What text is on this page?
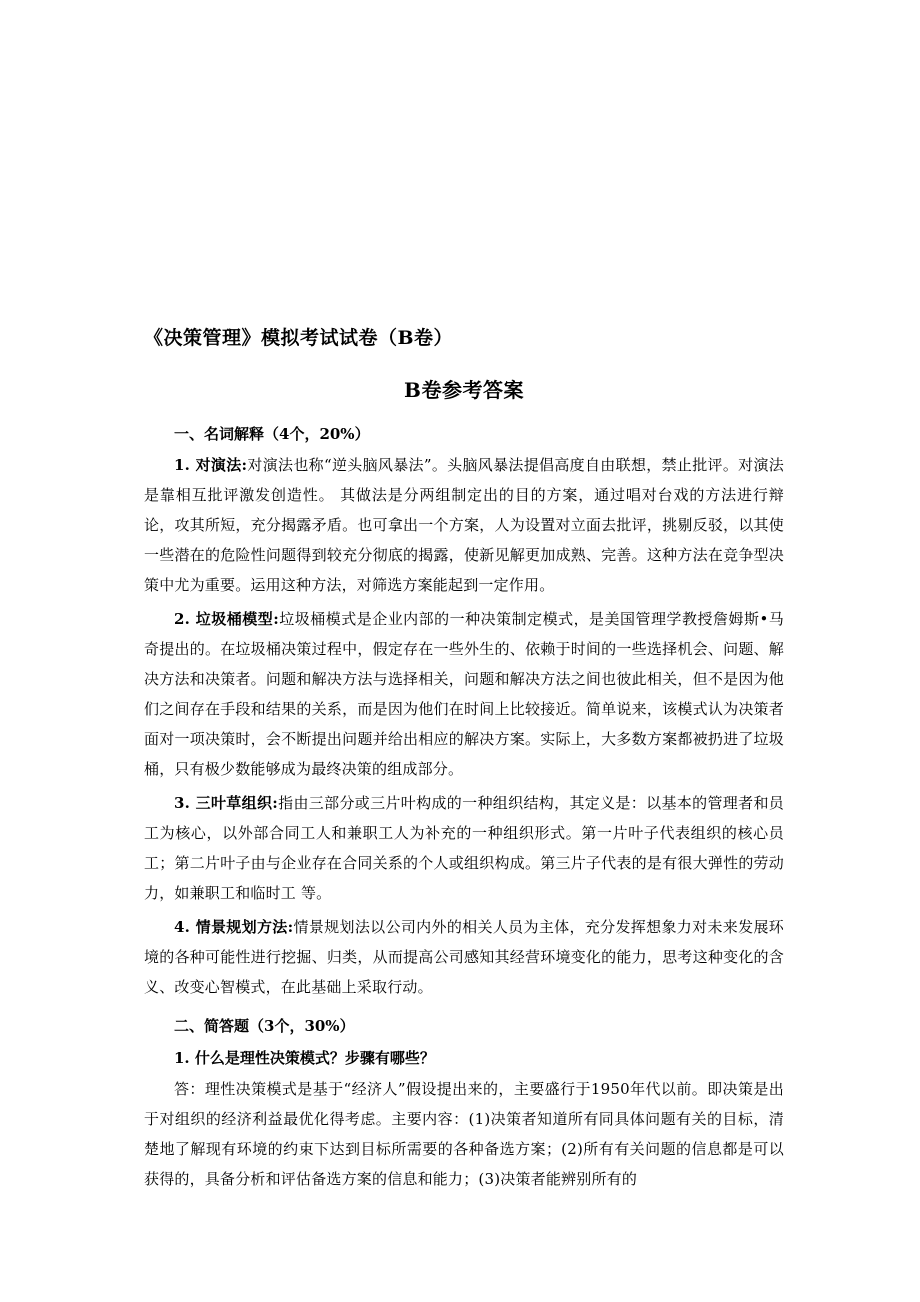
《决策管理》模拟考试试卷（B卷）
B卷参考答案
一、名词解释（4个，20%）

1. 对演法:对演法也称“逆头脑风暴法”。头脑风暴法提倡高度自由联想，禁止批评。对演法是靠相互批评激发创造性。 其做法是分两组制定出的目的方案，通过唱对台戏的方法进行辩论，攻其所短，充分揭露矛盾。也可拿出一个方案，人为设置对立面去批评，挑剔反驳，以其使一些潜在的危险性问题得到较充分彻底的揭露，使新见解更加成熟、完善。这种方法在竞争型决策中尤为重要。运用这种方法，对筛选方案能起到一定作用。

2. 垃圾桶模型:垃圾桶模式是企业内部的一种决策制定模式，是美国管理学教授詹姆斯•马奇提出的。在垃圾桶决策过程中，假定存在一些外生的、依赖于时间的一些选择机会、问题、解决方法和决策者。问题和解决方法与选择相关，问题和解决方法之间也彼此相关，但不是因为他们之间存在手段和结果的关系，而是因为他们在时间上比较接近。简单说来，该模式认为决策者面对一项决策时，会不断提出问题并给出相应的解决方案。实际上，大多数方案都被扔进了垃圾桶，只有极少数能够成为最终决策的组成部分。

3. 三叶草组织:指由三部分或三片叶构成的一种组织结构，其定义是：以基本的管理者和员工为核心，以外部合同工人和兼职工人为补充的一种组织形式。第一片叶子代表组织的核心员工；第二片叶子由与企业存在合同关系的个人或组织构成。第三片子代表的是有很大弹性的劳动力，如兼职工和临时工 等。

4. 情景规划方法:情景规划法以公司内外的相关人员为主体，充分发挥想象力对未来发展环境的各种可能性进行挖掘、归类，从而提高公司感知其经营环境变化的能力，思考这种变化的含义、改变心智模式，在此基础上采取行动。

二、简答题（3个，30%）
1. 什么是理性决策模式？步骤有哪些？

答：理性决策模式是基于“经济人”假设提出来的，主要盛行于1950年代以前。即决策是出于对组织的经济利益最优化得考虑。主要内容：(1)决策者知道所有同具体问题有关的目标，清楚地了解现有环境的约束下达到目标所需要的各种备选方案；(2)所有有关问题的信息都是可以获得的，具备分析和评估备选方案的信息和能力；(3)决策者能辨别所有的
